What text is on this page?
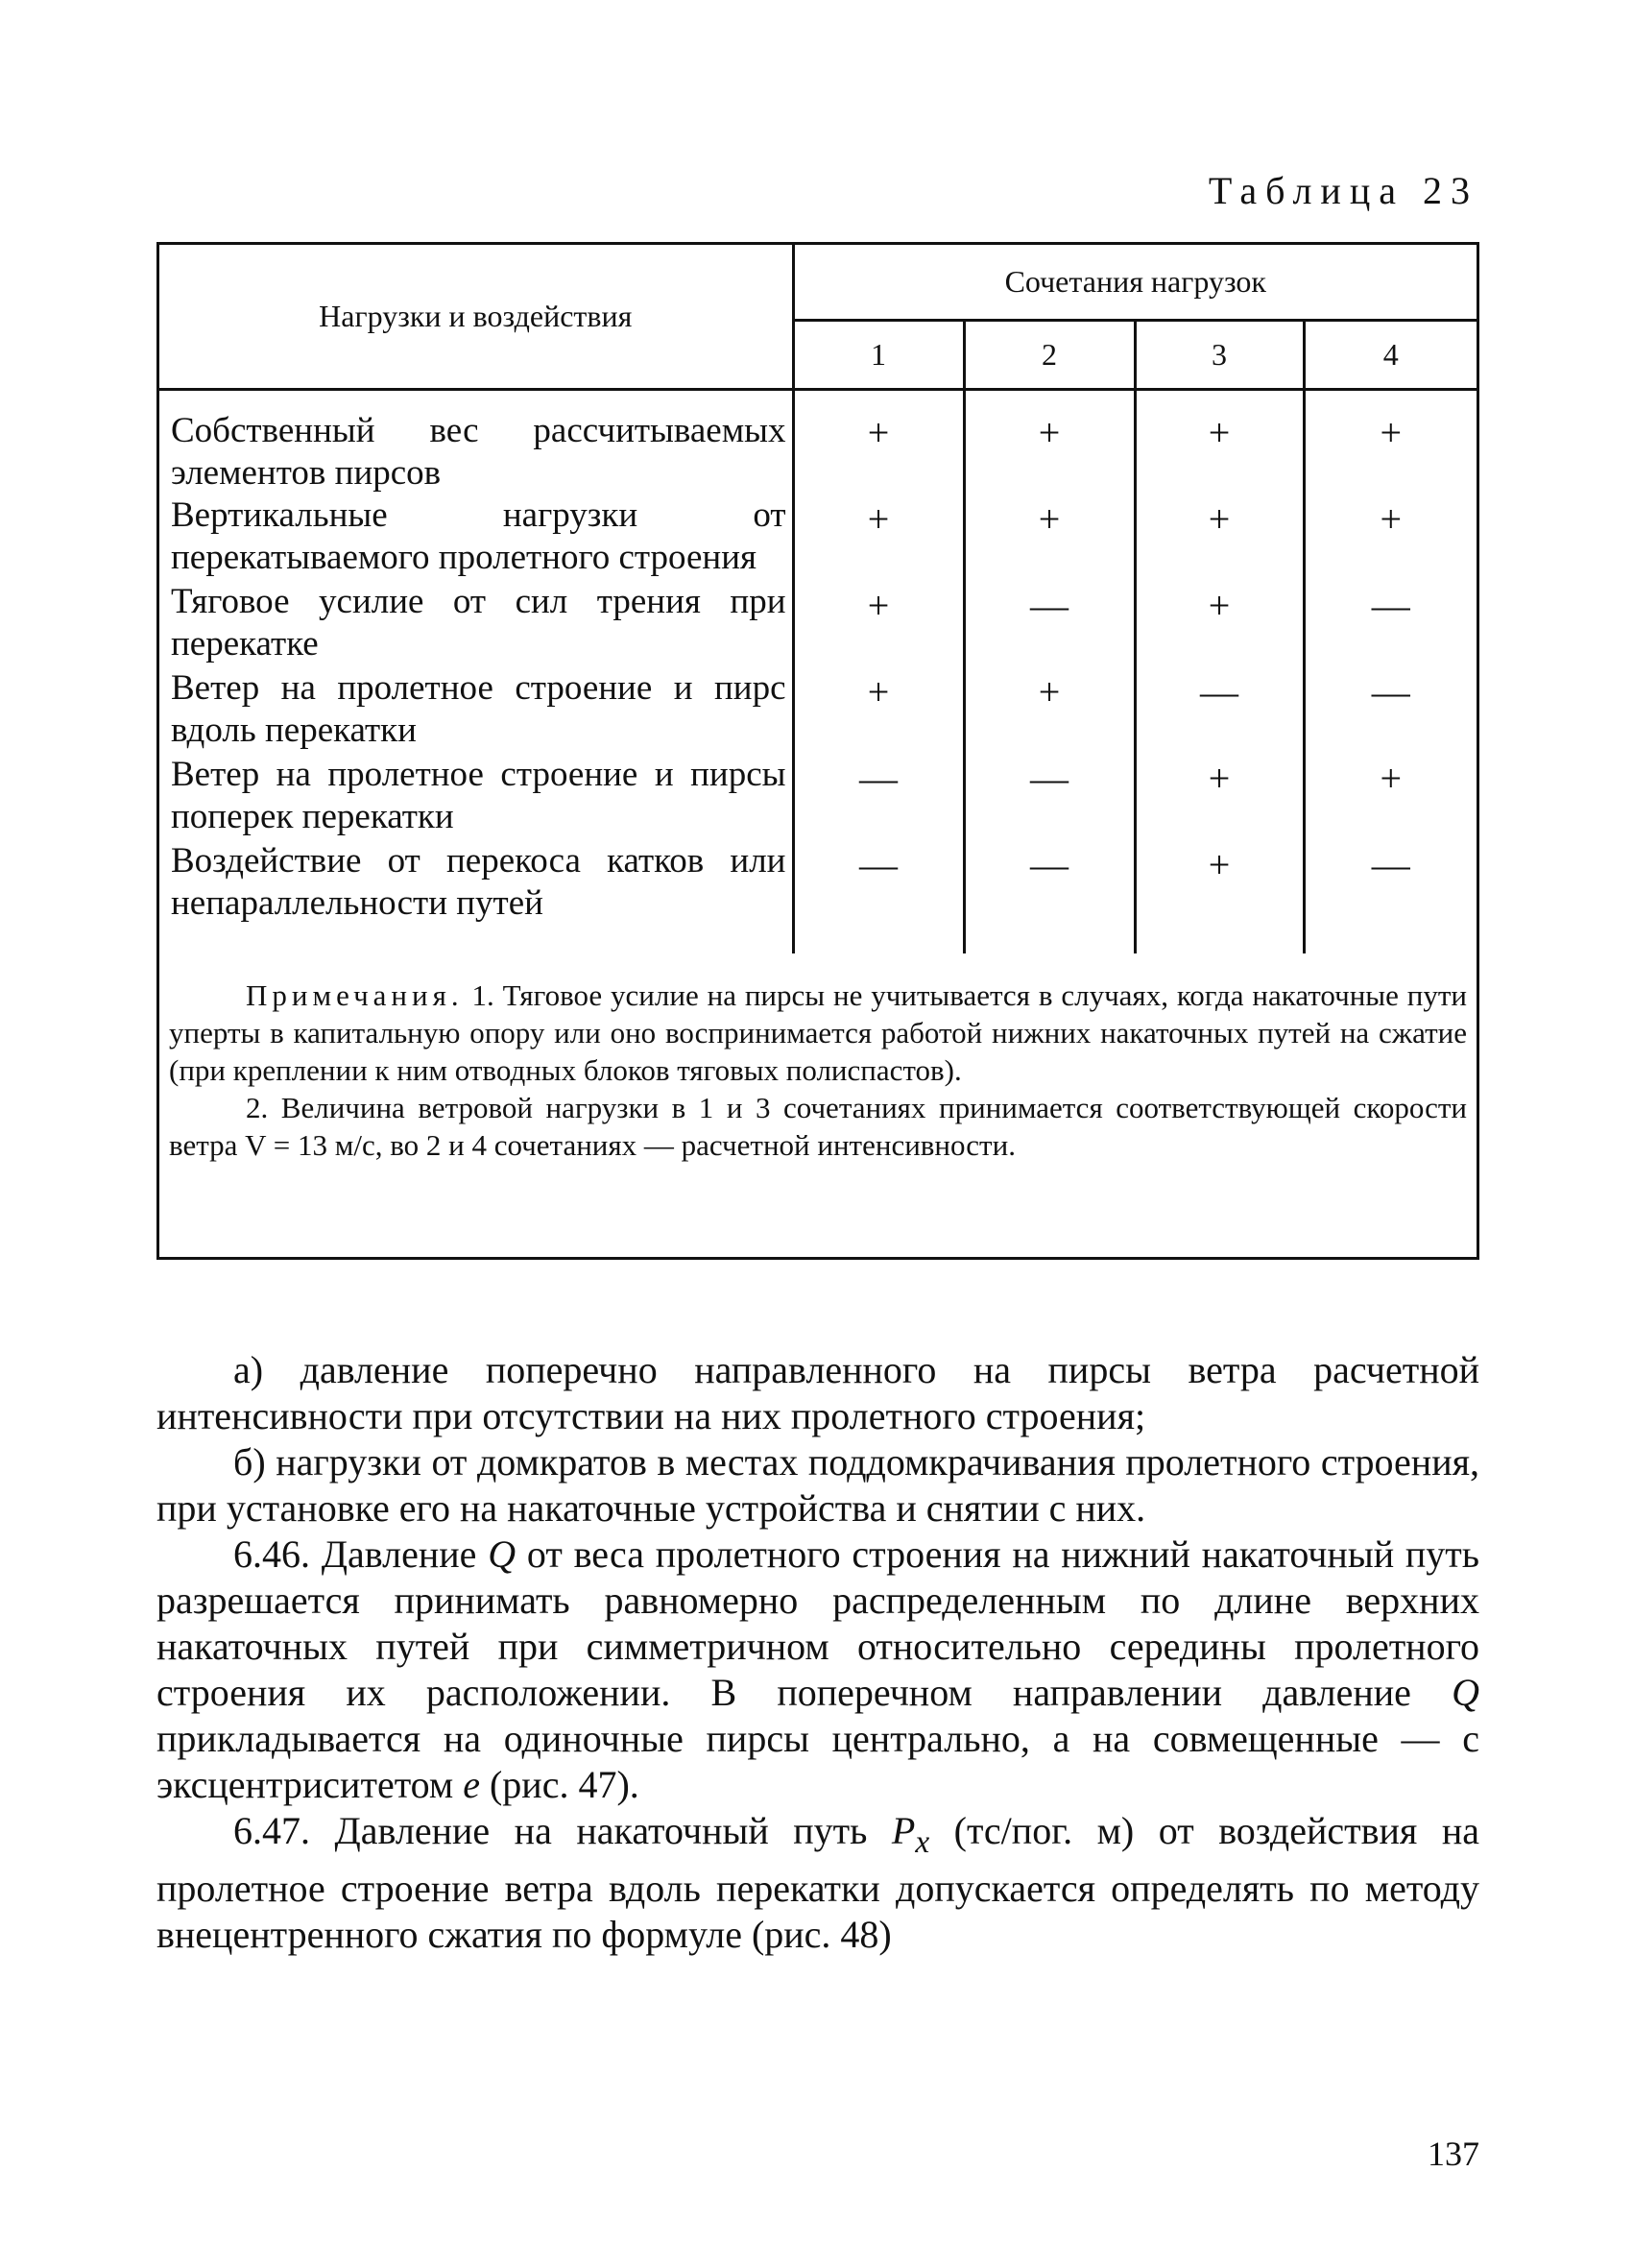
Таблица 23
Нагрузки и воздействия	Сочетания нагрузок			
	1	2	3	4
Собственный вес рассчитываемых элементов пирсов	+	+	+	+
Вертикальные нагрузки от перекатываемого пролетного строения	+	+	+	+
Тяговое усилие от сил трения при перекатке	+	—	+	—
Ветер на пролетное строение и пирс вдоль перекатки	+	+	—	—
Ветер на пролетное строение и пирсы поперек перекатки	—	—	+	+
Воздействие от перекоса катков или непараллельности путей	—	—	+	—

Примечания. 1. Тяговое усилие на пирсы не учитывается в случаях, когда накаточные пути уперты в капитальную опору или оно воспринимается работой нижних накаточных путей на сжатие (при креплении к ним отводных блоков тяговых полиспастов).

2. Величина ветровой нагрузки в 1 и 3 сочетаниях принимается соответствующей скорости ветра V = 13 м/с, во 2 и 4 сочетаниях — расчетной интенсивности.

а) давление поперечно направленного на пирсы ветра расчетной интенсивности при отсутствии на них пролетного строения;

б) нагрузки от домкратов в местах поддомкрачивания пролетного строения, при установке его на накаточные устройства и снятии с них.

6.46. Давление Q от веса пролетного строения на нижний накаточный путь разрешается принимать равномерно распределенным по длине верхних накаточных путей при симметричном относительно середины пролетного строения их расположении. В поперечном направлении давление Q прикладывается на одиночные пирсы центрально, а на совмещенные — с эксцентриситетом e (рис. 47).

6.47. Давление на накаточный путь $P_x$ (тс/пог. м) от воздействия на пролетное строение ветра вдоль перекатки допускается определять по методу внецентренного сжатия по формуле (рис. 48)

137
